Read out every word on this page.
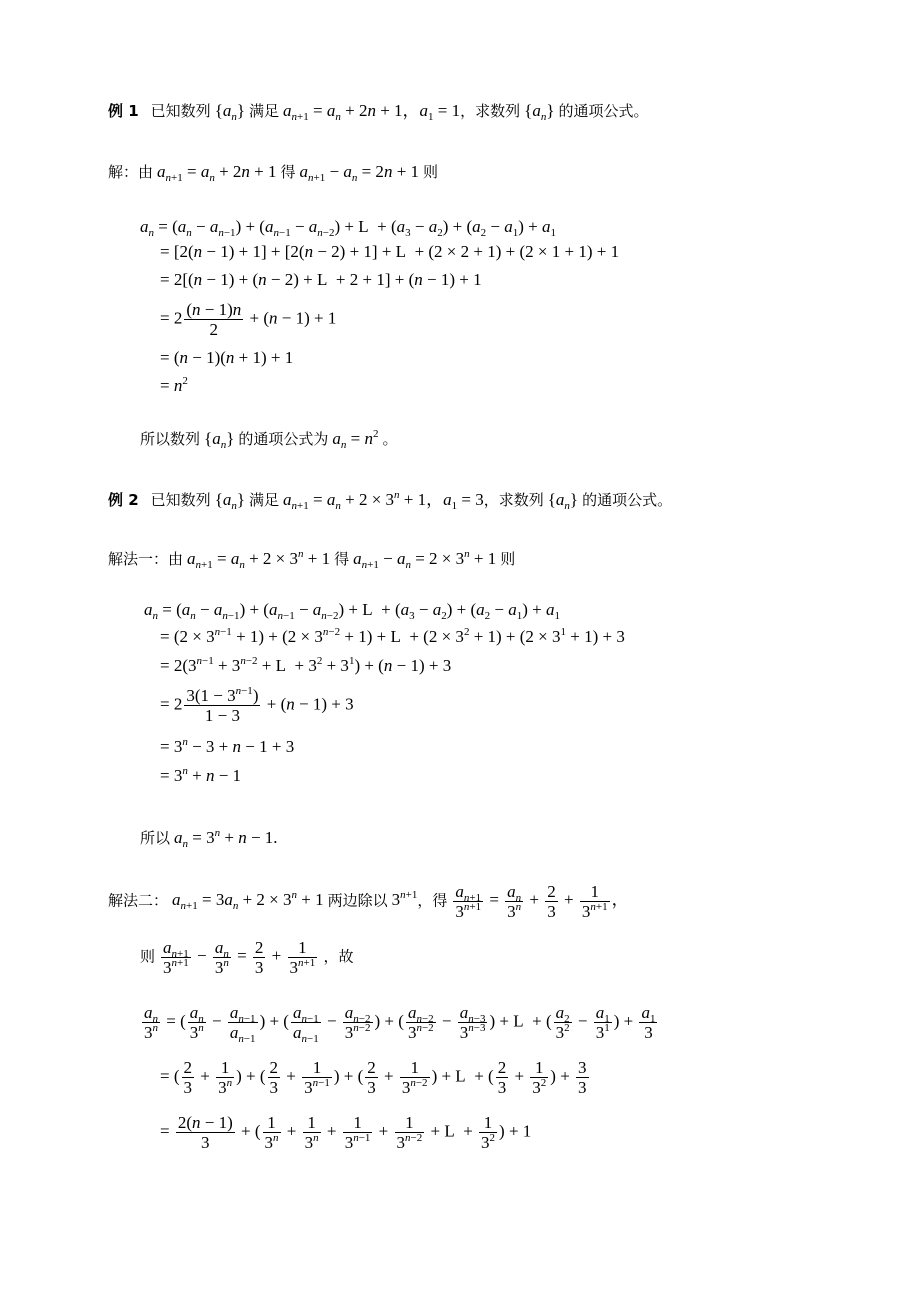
例 1 已知数列 $\{a_n\}$ 满足 $a_{n+1} = a_n + 2n + 1$，$a_1 = 1$，求数列 $\{a_n\}$ 的通项公式。
解：由 $a_{n+1} = a_n + 2n + 1$ 得 $a_{n+1} - a_n = 2n + 1$ 则
$a_n = (a_n - a_{n-1}) + (a_{n-1} - a_{n-2}) + L + (a_3 - a_2) + (a_2 - a_1) + a_1$
= [2(n − 1) + 1] + [2(n − 2) + 1] + L  + (2 × 2 + 1) + (2 × 1 + 1) + 1
= 2[(n − 1) + (n − 2) + L  + 2 + 1] + (n − 1) + 1
= $2 \frac{(n - 1)n}{2} + (n - 1) + 1$
= (n − 1)(n + 1) + 1
= $n^2$
所以数列 $\{a_n\}$ 的通项公式为 $a_n = n^2$ 。
例 2 已知数列 $\{a_n\}$ 满足 $a_{n+1} = a_n + 2 \times 3^n + 1$，$a_1 = 3$，求数列 $\{a_n\}$ 的通项公式。
解法一：由 $a_{n+1} = a_n + 2 \times 3^n + 1$ 得 $a_{n+1} - a_n = 2 \times 3^n + 1$ 则
$a_n = (a_n - a_{n-1}) + (a_{n-1} - a_{n-2}) + L + (a_3 - a_2) + (a_2 - a_1) + a_1$
= $(2 \times 3^{n-1} + 1) + (2 \times 3^{n-2} + 1) + L + (2 \times 3^2 + 1) + (2 \times 3^1 + 1) + 3$
= $2(3^{n-1} + 3^{n-2} + L + 3^2 + 3^1) + (n - 1) + 3$
= $2 \frac{3(1 - 3^{n-1})}{1 - 3} + (n - 1) + 3$
= $3^n - 3 + n - 1 + 3$
= $3^n + n - 1$
所以 $a_n = 3^n + n - 1$.
解法二： $a_{n+1} = 3a_n + 2 \times 3^n + 1$ 两边除以 $3^{n+1}$，得 $\frac{a_{n+1}}{3^{n+1}} = \frac{a_n}{3^n} + \frac{2}{3} + \frac{1}{3^{n+1}}$ ，
则 $\frac{a_{n+1}}{3^{n+1}} - \frac{a_n}{3^n} = \frac{2}{3} + \frac{1}{3^{n+1}}$ ，故
$\frac{a_n}{3^n}$ = ( $\frac{a_n}{3^n} - \frac{a_{n-1}}{a_{n-1}}$ ) + ( $\frac{a_{n-1}}{a_{n-1}} - \frac{a_{n-2}}{3^{n-2}}$ ) + ( $\frac{a_{n-2}}{3^{n-2}} - \frac{a_{n-3}}{3^{n-3}}$ ) + L  + ( $\frac{a_2}{3^2} - \frac{a_1}{3^1}$ ) + $\frac{a_1}{3}$
= ( $\frac{2}{3} + \frac{1}{3^n}$ ) + ( $\frac{2}{3} + \frac{1}{3^{n-1}}$ ) + ( $\frac{2}{3} + \frac{1}{3^{n-2}}$ ) + L  + ( $\frac{2}{3} + \frac{1}{3^2}$ ) + $\frac{3}{3}$
= $\frac{2(n - 1)}{3}$ + ( $\frac{1}{3^n} + \frac{1}{3^n} + \frac{1}{3^{n-1}} + \frac{1}{3^{n-2}} + L + \frac{1}{3^2}$ ) + 1
